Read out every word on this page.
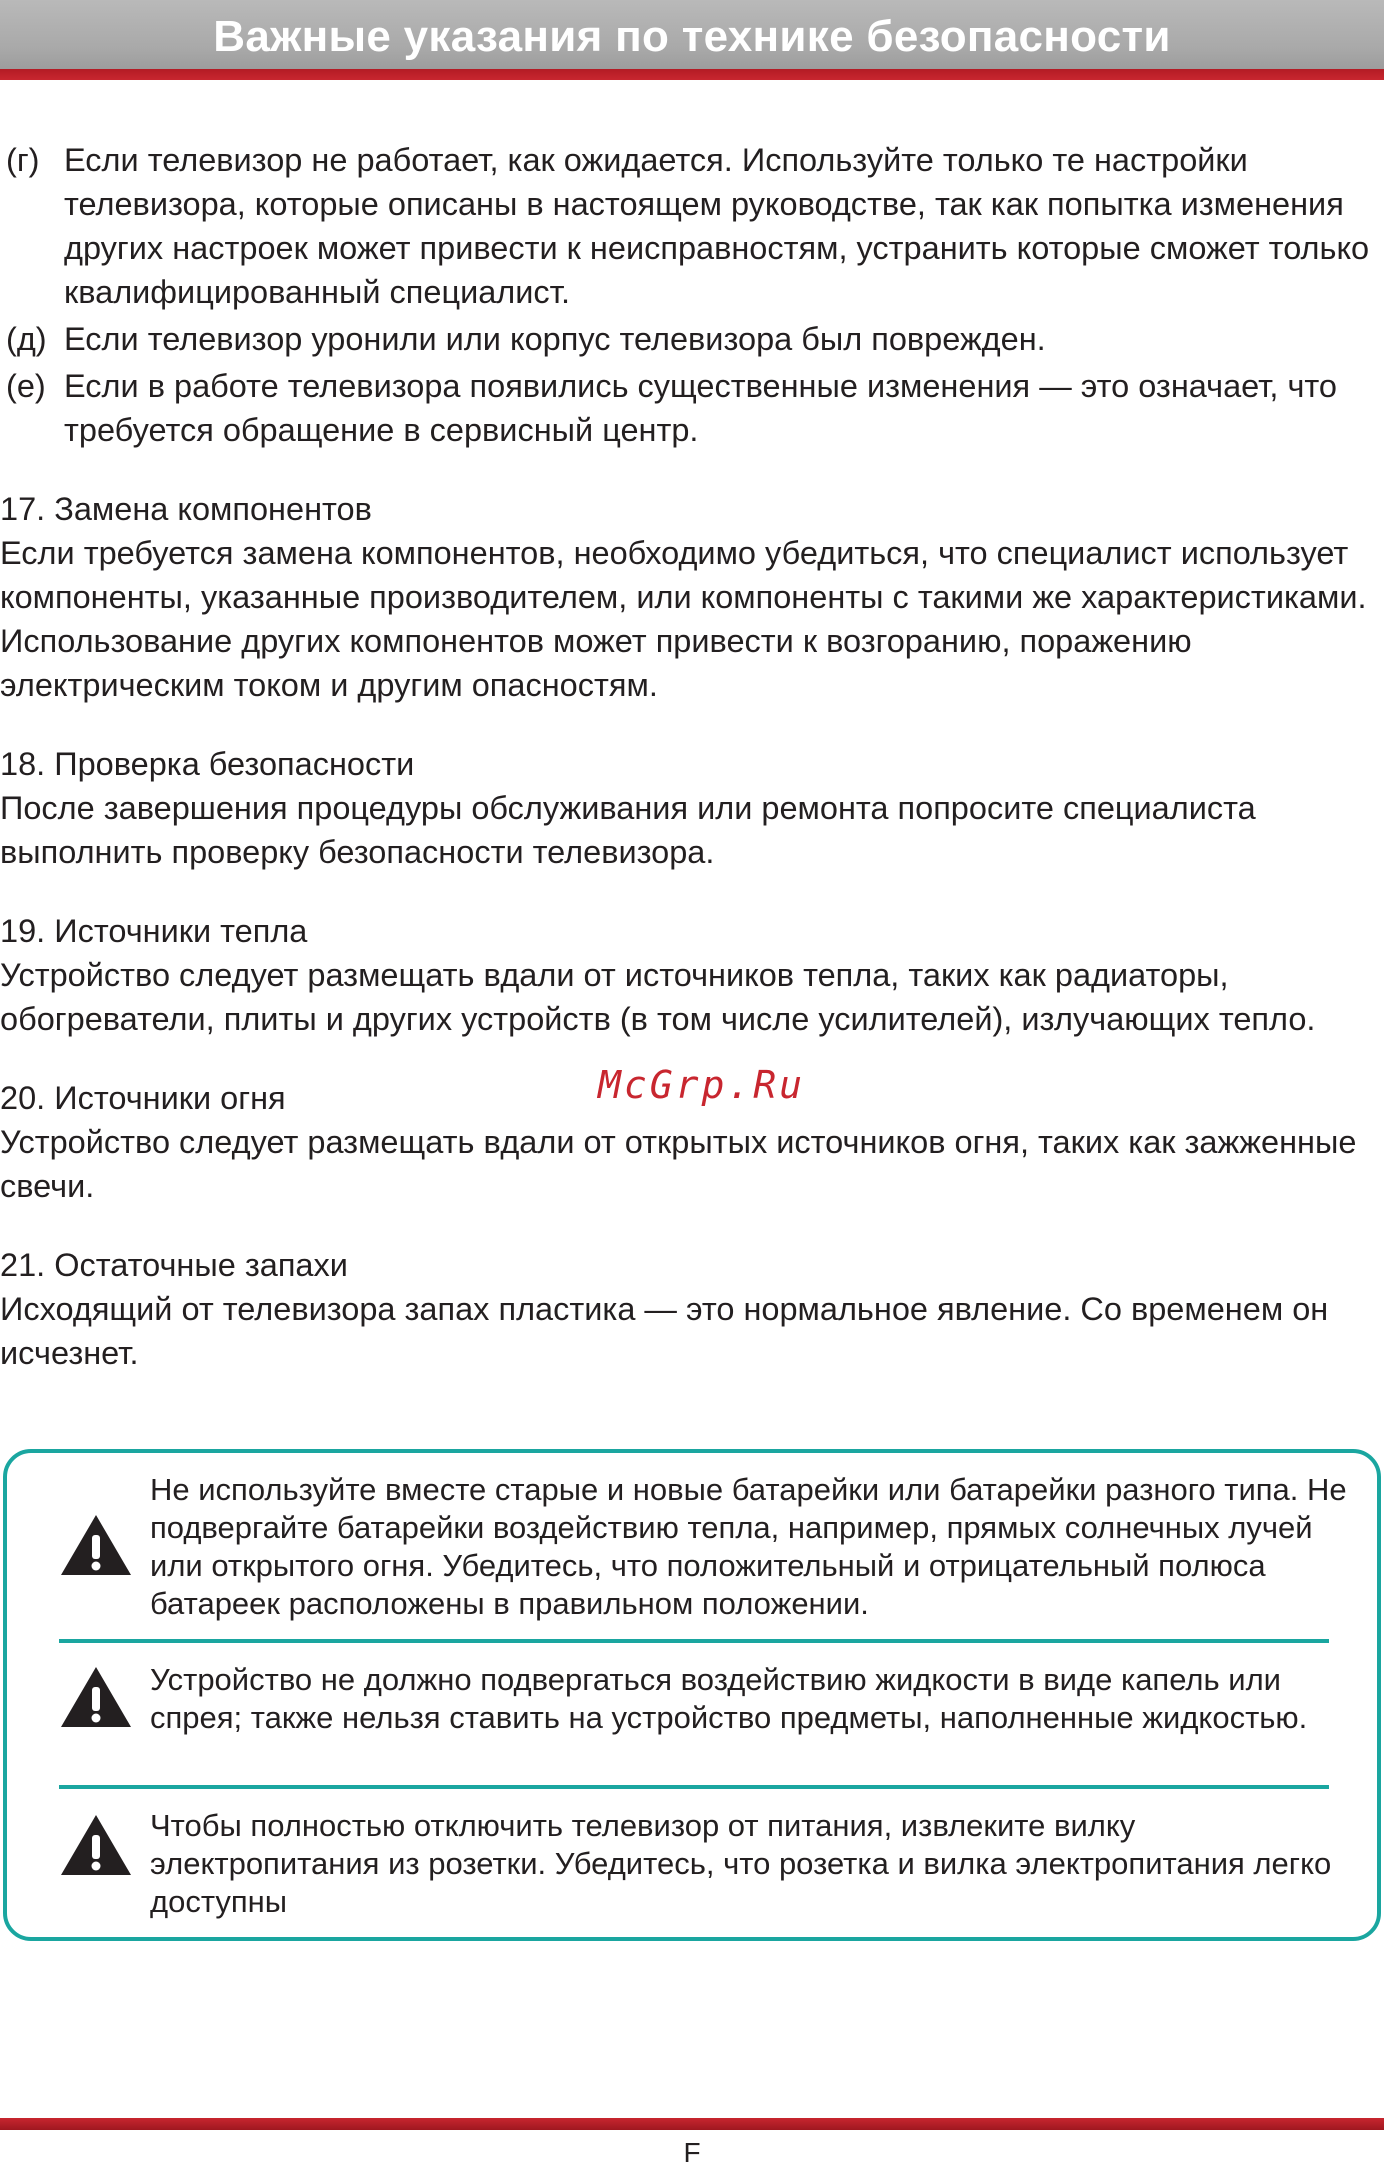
Важные указания по технике безопасности
(г) Если телевизор не работает, как ожидается. Используйте только те настройки телевизора, которые описаны в настоящем руководстве, так как попытка изменения других настроек может привести к неисправностям, устранить которые сможет только квалифицированный специалист.
(д) Если телевизор уронили или корпус телевизора был поврежден.
(е) Если в работе телевизора появились существенные изменения — это означает, что требуется обращение в сервисный центр.

17. Замена компонентов

Если требуется замена компонентов, необходимо убедиться, что специалист использует компоненты, указанные производителем, или компоненты с такими же характеристиками. Использование других компонентов может привести к возгоранию, поражению электрическим током и другим опасностям.

18. Проверка безопасности

После завершения процедуры обслуживания или ремонта попросите специалиста выполнить проверку безопасности телевизора.

19. Источники тепла

Устройство следует размещать вдали от источников тепла, таких как радиаторы, обогреватели, плиты и других устройств (в том числе усилителей), излучающих тепло.

20. Источники огня

Устройство следует размещать вдали от открытых источников огня, таких как зажженные свечи.

21. Остаточные запахи

Исходящий от телевизора запах пластика — это нормальное явление. Со временем он исчезнет.

McGrp.Ru
Не используйте вместе старые и новые батарейки или батарейки разного типа. Не подвергайте батарейки воздействию тепла, например, прямых солнечных лучей или открытого огня. Убедитесь, что положительный и отрицательный полюса батареек расположены в правильном положении.
Устройство не должно подвергаться воздействию жидкости в виде капель или спрея; также нельзя ставить на устройство предметы, наполненные жидкостью.
Чтобы полностью отключить телевизор от питания, извлеките вилку электропитания из розетки. Убедитесь, что розетка и вилка электропитания легко доступны
F
